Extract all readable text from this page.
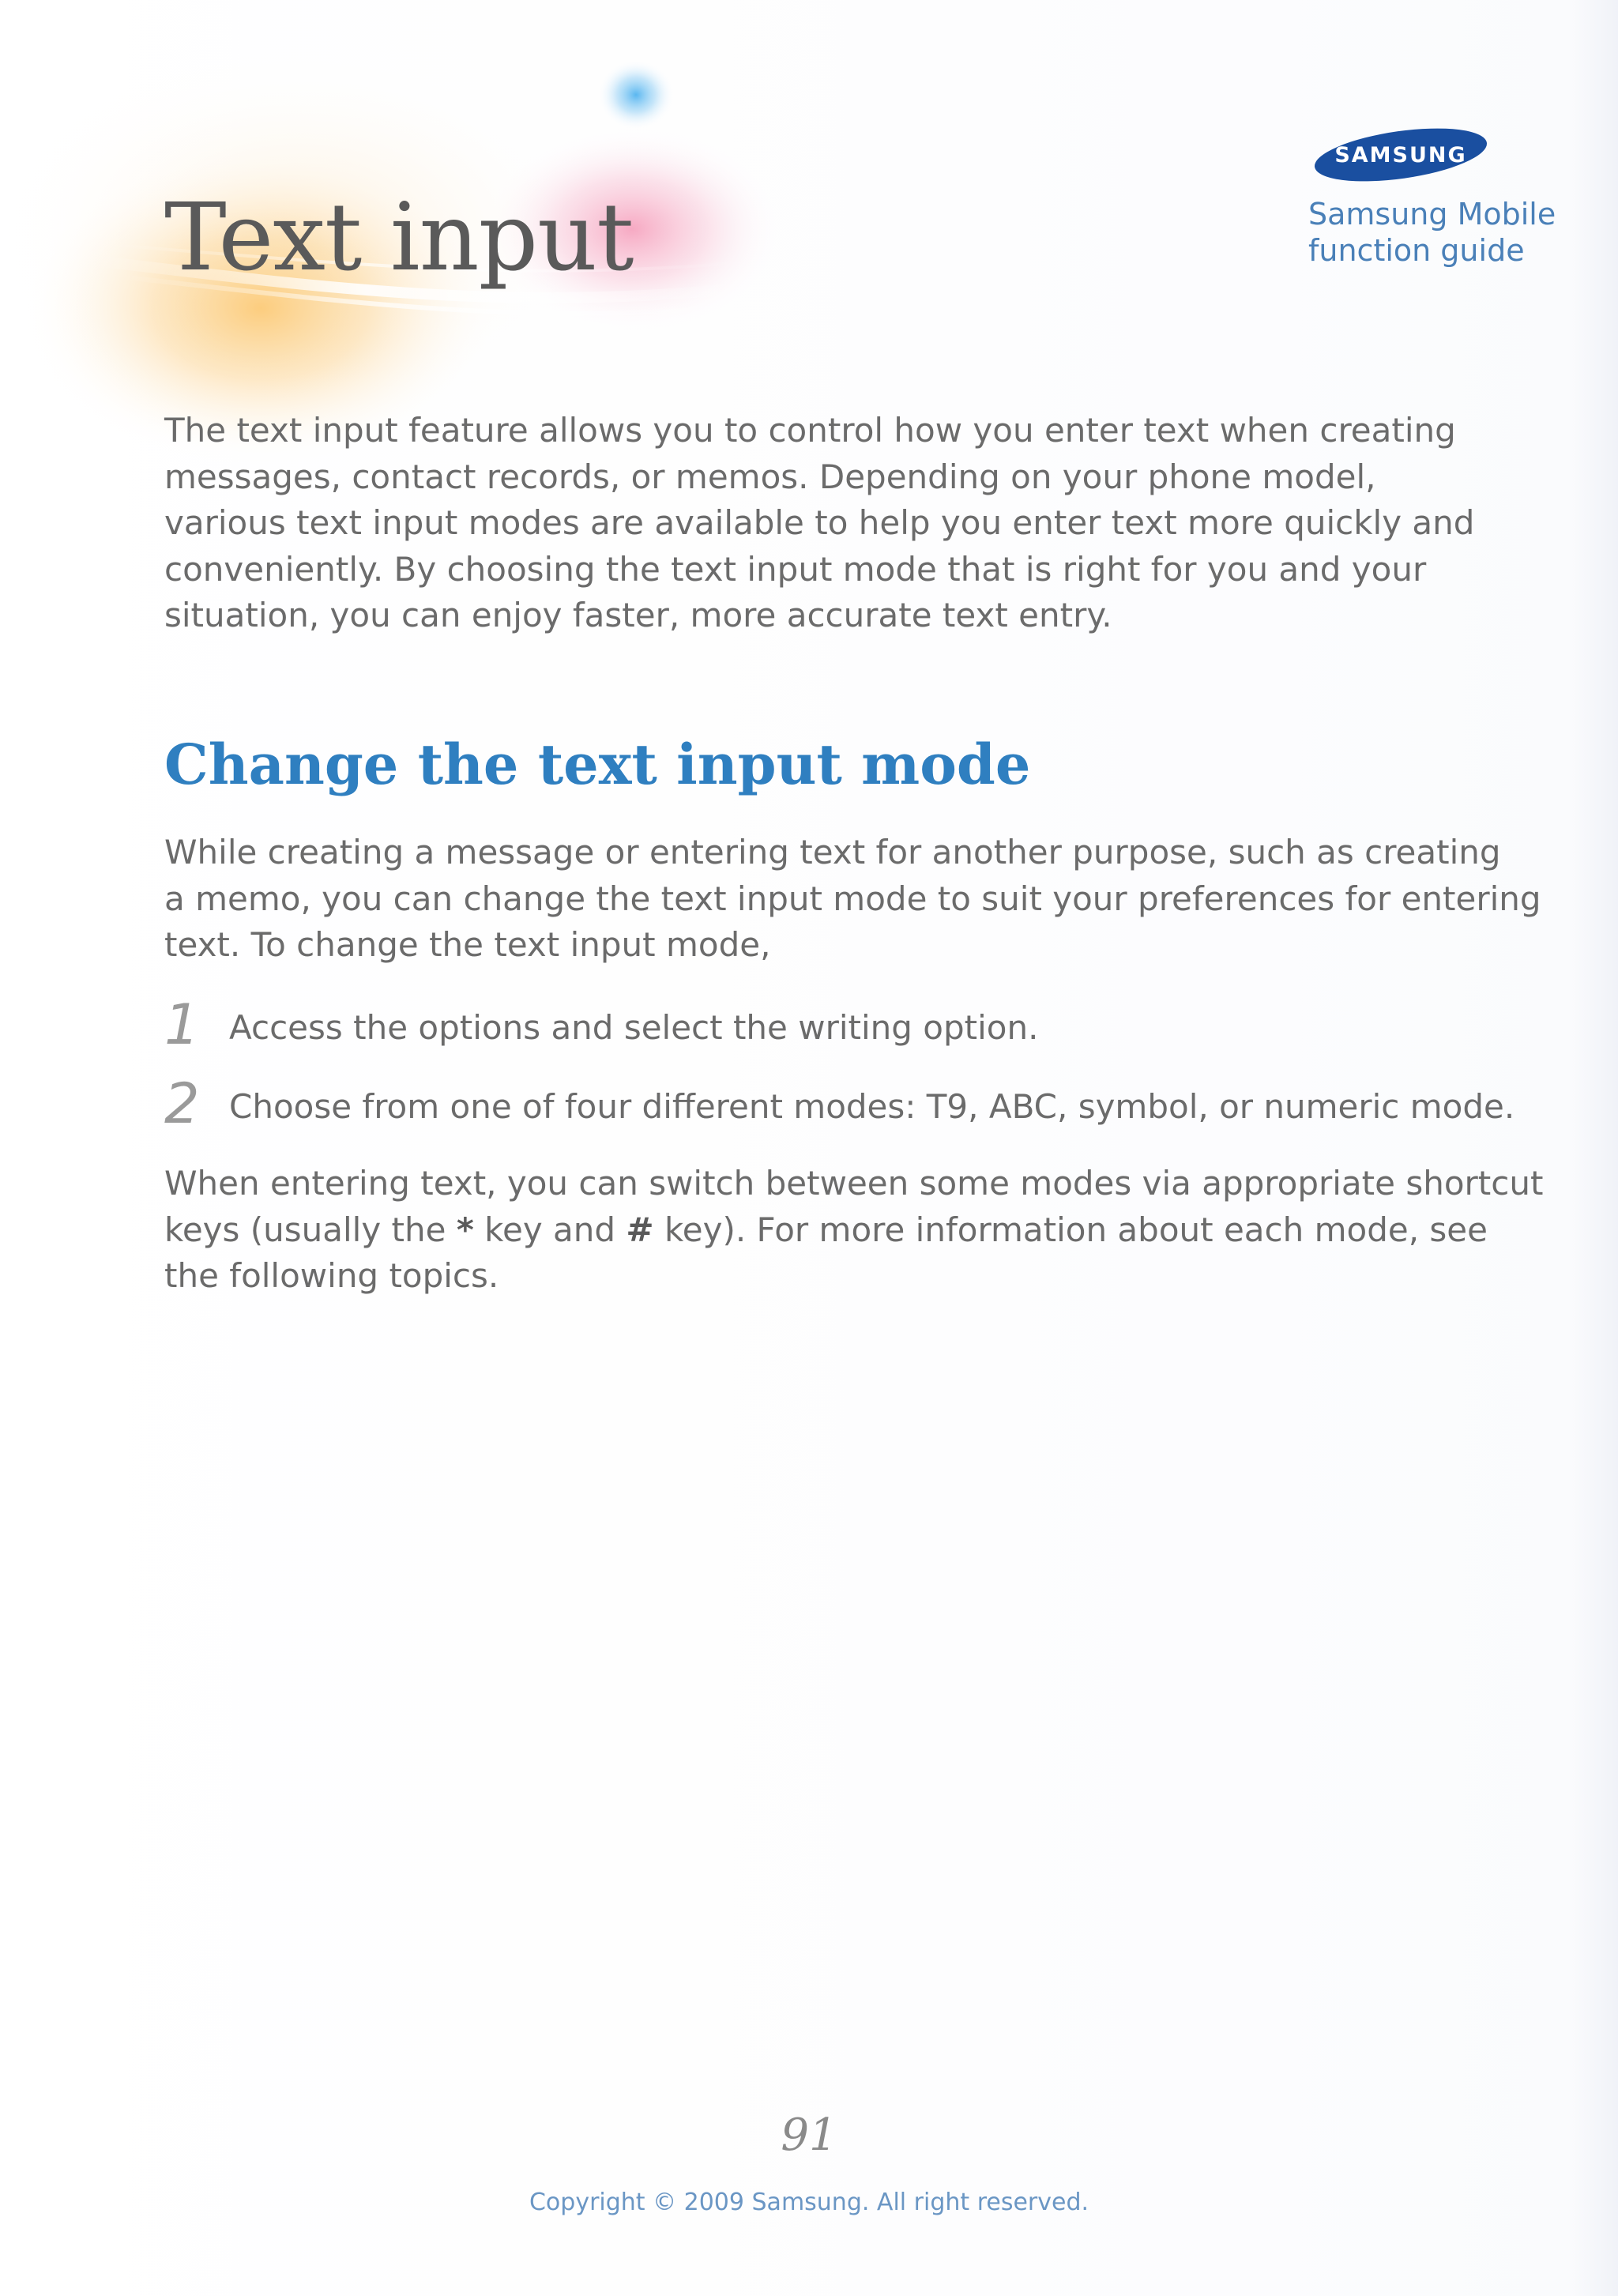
Text input
SAMSUNG
Samsung Mobile
function guide

The text input feature allows you to control how you enter text when creating
messages, contact records, or memos. Depending on your phone model,
various text input modes are available to help you enter text more quickly and
conveniently. By choosing the text input mode that is right for you and your
situation, you can enjoy faster, more accurate text entry.

Change the text input mode

While creating a message or entering text for another purpose, such as creating
a memo, you can change the text input mode to suit your preferences for entering
text. To change the text input mode,

1 Access the options and select the writing option.
2 Choose from one of four different modes: T9, ABC, symbol, or numeric mode.

When entering text, you can switch between some modes via appropriate shortcut
keys (usually the * key and # key). For more information about each mode, see
the following topics.

91
Copyright © 2009 Samsung. All right reserved.
